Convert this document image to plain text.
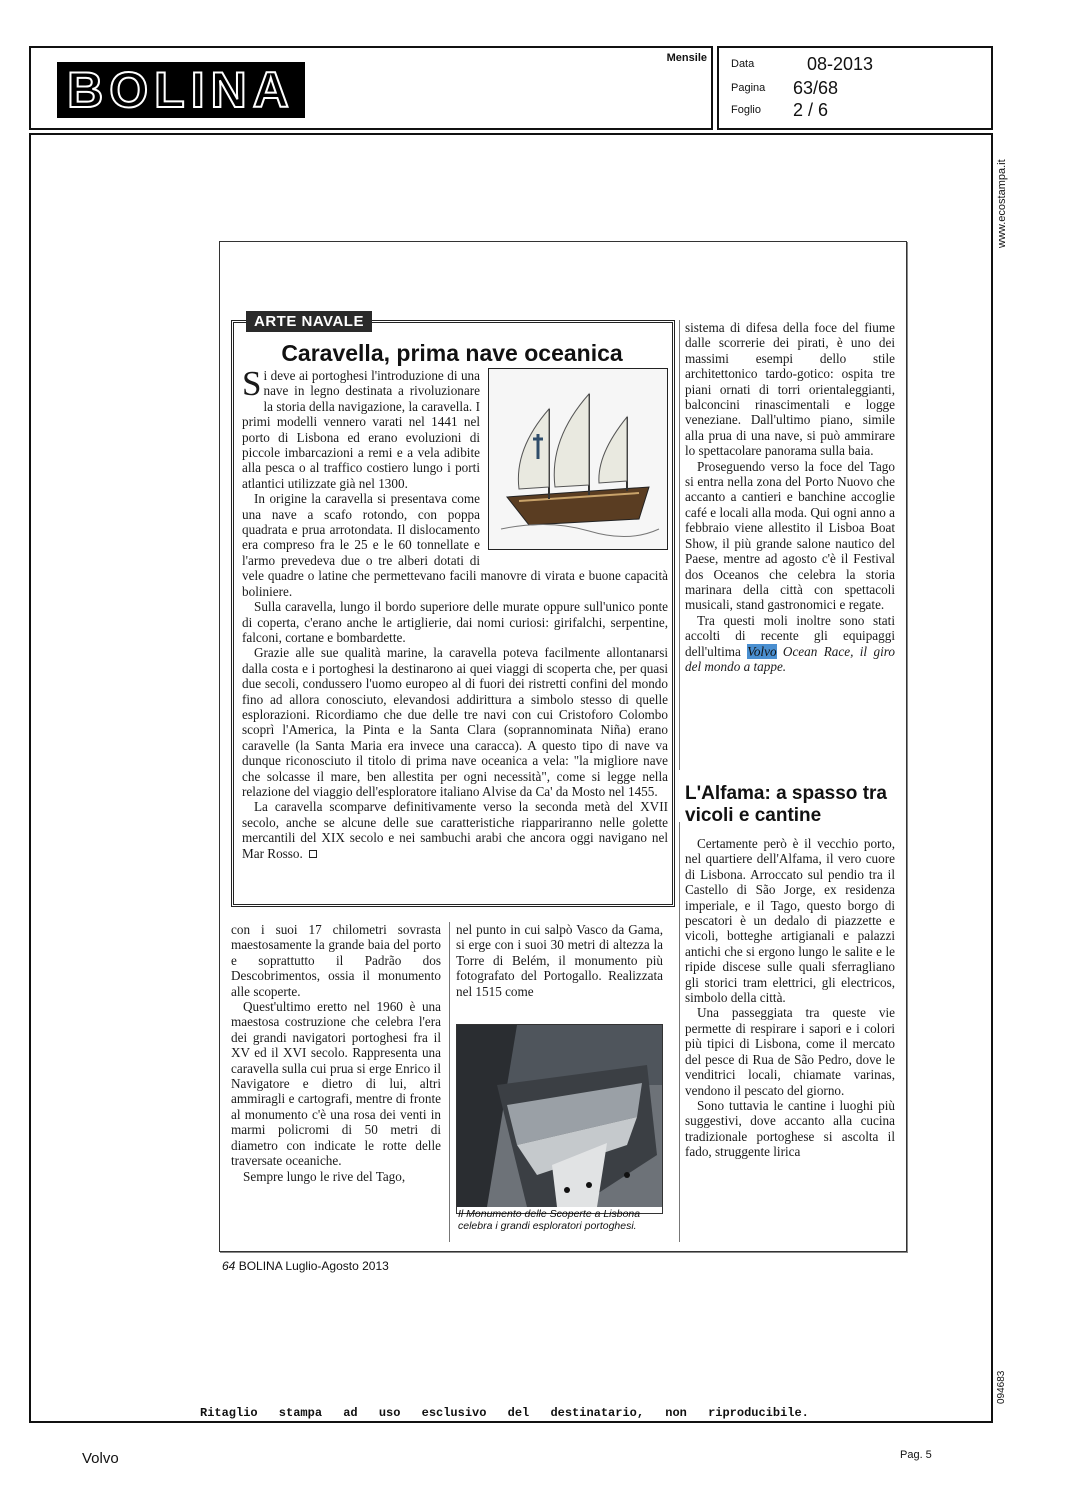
BOLINA
Mensile Data	08-2013
Pagina	63/68
Foglio	2 / 6
www.ecostampa.it
094683
Ritaglio stampa ad uso esclusivo del destinatario, non riproducibile.
ARTE NAVALE
Caravella, prima nave oceanica

Si deve ai portoghesi l'introduzione di una nave in legno destinata a rivoluzionare la storia della navigazione, la caravella. I primi modelli vennero varati nel 1441 nel porto di Lisbona ed erano evoluzioni di piccole imbarcazioni a remi e a vela adibite alla pesca o al traffico costiero lungo i porti atlantici utilizzate già nel 1300.

In origine la caravella si presentava come una nave a scafo rotondo, con poppa quadrata e prua arrotondata. Il dislocamento era compreso fra le 25 e le 60 tonnellate e l'armo prevedeva due o tre alberi dotati di vele quadre o latine che permettevano facili manovre di virata e buone capacità boliniere.

Sulla caravella, lungo il bordo superiore delle murate oppure sull'unico ponte di coperta, c'erano anche le artiglierie, dai nomi curiosi: girifalchi, serpentine, falconi, cortane e bombardette.

Grazie alle sue qualità marine, la caravella poteva facilmente allontanarsi dalla costa e i portoghesi la destinarono ai quei viaggi di scoperta che, per quasi due secoli, condussero l'uomo europeo al di fuori dei ristretti confini del mondo fino ad allora conosciuto, elevandosi addirittura a simbolo stesso di quelle esplorazioni. Ricordiamo che due delle tre navi con cui Cristoforo Colombo scoprì l'America, la Pinta e la Santa Clara (soprannominata Niña) erano caravelle (la Santa Maria era invece una caracca). A questo tipo di nave va dunque riconosciuto il titolo di prima nave oceanica a vela: "la migliore nave che solcasse il mare, ben allestita per ogni necessità", come si legge nella relazione del viaggio dell'esploratore italiano Alvise da Ca' da Mosto nel 1455.

La caravella scomparve definitivamente verso la seconda metà del XVII secolo, anche se alcune delle sue caratteristiche riappariranno nelle golette mercantili del XIX secolo e nei sambuchi arabi che ancora oggi navigano nel Mar Rosso.

sistema di difesa della foce del fiume dalle scorrerie dei pirati, è uno dei massimi esempi dello stile architettonico tardo-gotico: ospita tre piani ornati di torri orientaleggianti, balconcini rinascimentali e logge veneziane. Dall'ultimo piano, simile alla prua di una nave, si può ammirare lo spettacolare panorama sulla baia.

Proseguendo verso la foce del Tago si entra nella zona del Porto Nuovo che accanto a cantieri e banchine accoglie café e locali alla moda. Qui ogni anno a febbraio viene allestito il Lisboa Boat Show, il più grande salone nautico del Paese, mentre ad agosto c'è il Festival dos Oceanos che celebra la storia marinara della città con spettacoli musicali, stand gastronomici e regate.

Tra questi moli inoltre sono stati accolti di recente gli equipaggi dell'ultima Volvo Ocean Race, il giro del mondo a tappe.

L'Alfama: a spasso tra vicoli e cantine

Certamente però è il vecchio porto, nel quartiere dell'Alfama, il vero cuore di Lisbona. Arroccato sul pendio tra il Castello di São Jorge, ex residenza imperiale, e il Tago, questo borgo di pescatori è un dedalo di piazzette e vicoli, botteghe artigianali e palazzi antichi che si ergono lungo le salite e le ripide discese sulle quali sferragliano gli storici tram elettrici, gli electricos, simbolo della città.

Una passeggiata tra queste vie permette di respirare i sapori e i colori più tipici di Lisbona, come il mercato del pesce di Rua de São Pedro, dove le venditrici locali, chiamate varinas, vendono il pescato del giorno.

Sono tuttavia le cantine i luoghi più suggestivi, dove accanto alla cucina tradizionale portoghese si ascolta il fado, struggente lirica

con i suoi 17 chilometri sovrasta maestosamente la grande baia del porto e soprattutto il Padrão dos Descobrimentos, ossia il monumento alle scoperte.

Quest'ultimo eretto nel 1960 è una maestosa costruzione che celebra l'era dei grandi navigatori portoghesi fra il XV ed il XVI secolo. Rappresenta una caravella sulla cui prua si erge Enrico il Navigatore e dietro di lui, altri ammiragli e cartografi, mentre di fronte al monumento c'è una rosa dei venti in marmi policromi di 50 metri di diametro con indicate le rotte delle traversate oceaniche.

Sempre lungo le rive del Tago,

nel punto in cui salpò Vasco da Gama, si erge con i suoi 30 metri di altezza la Torre di Belém, il monumento più fotografato del Portogallo. Realizzata nel 1515 come

Il Monumento delle Scoperte a Lisbona celebra i grandi esploratori portoghesi.
64 BOLINA Luglio-Agosto 2013
Volvo	Pag. 5
